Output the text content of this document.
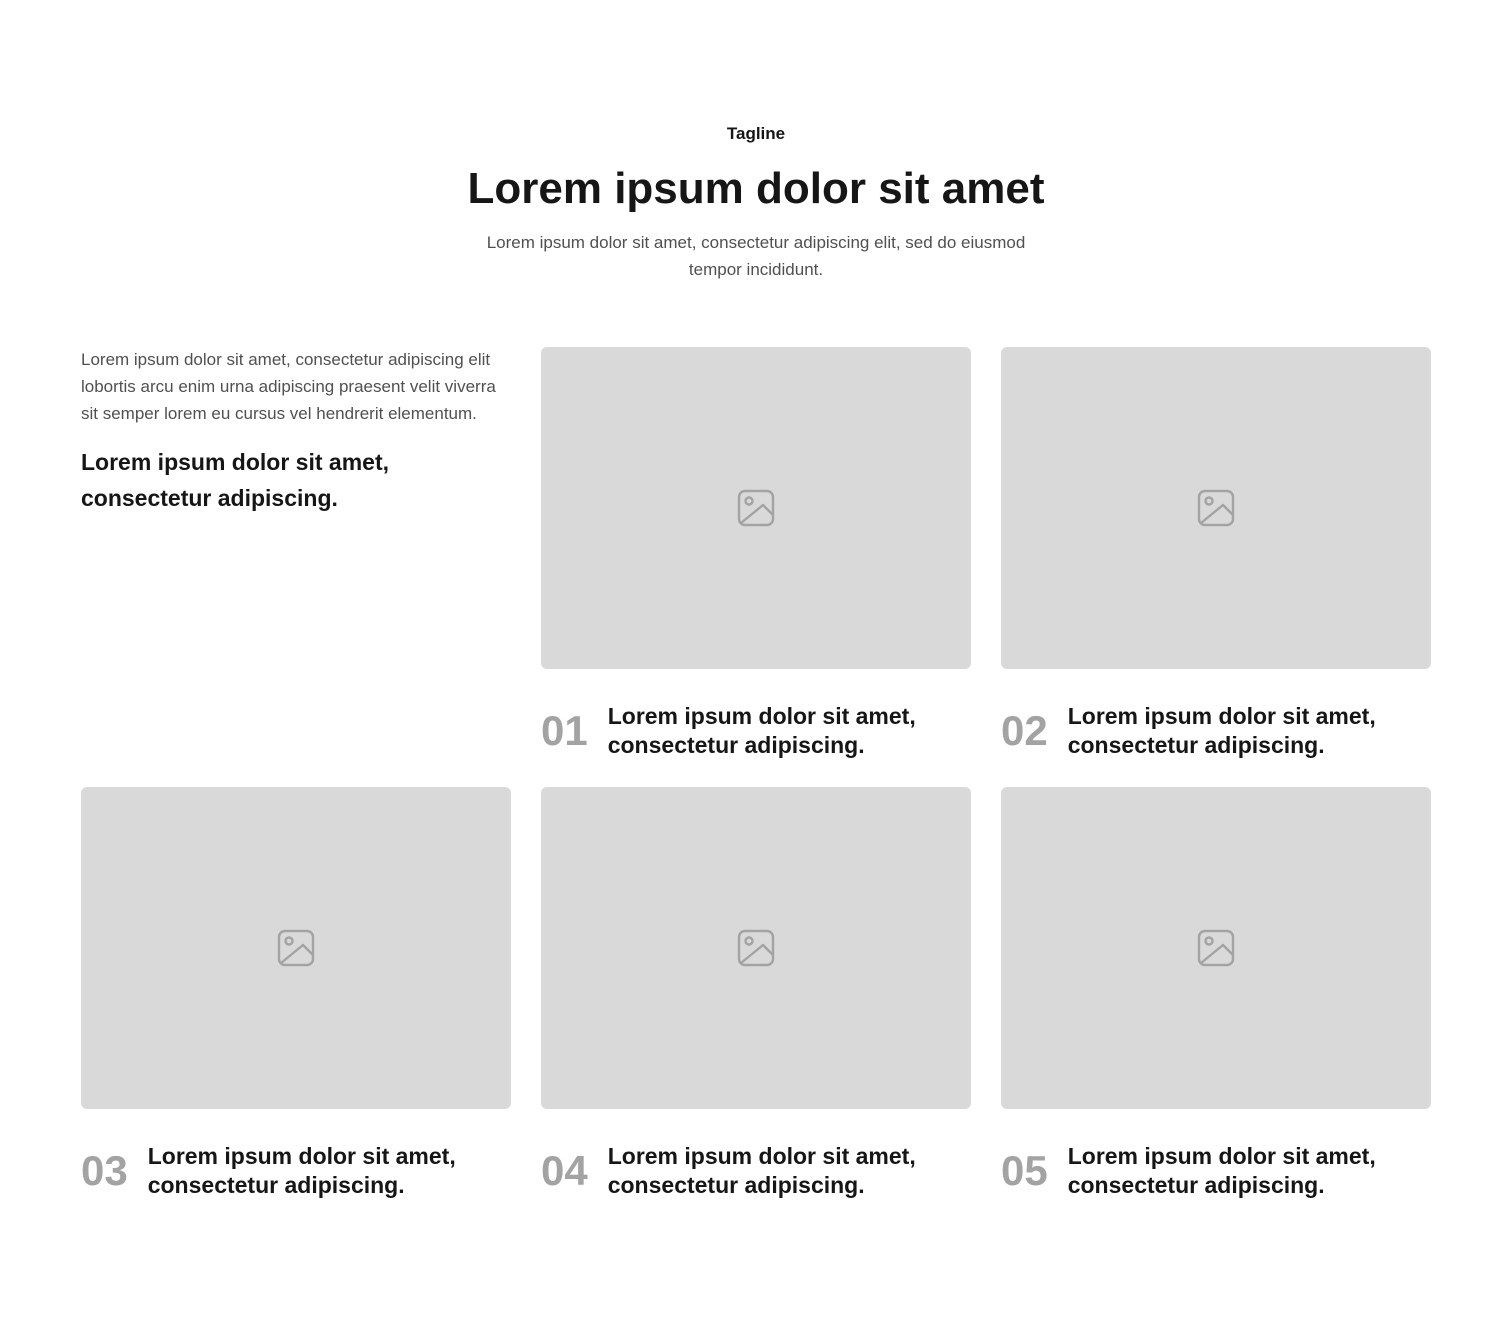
Tagline
Lorem ipsum dolor sit amet

Lorem ipsum dolor sit amet, consectetur adipiscing elit, sed do eiusmod tempor incididunt.

Lorem ipsum dolor sit amet, consectetur adipiscing elit lobortis arcu enim urna adipiscing praesent velit viverra sit semper lorem eu cursus vel hendrerit elementum.

Lorem ipsum dolor sit amet, consectetur adipiscing.

01 Lorem ipsum dolor sit amet, consectetur adipiscing.	02 Lorem ipsum dolor sit amet, consectetur adipiscing.
03 Lorem ipsum dolor sit amet, consectetur adipiscing.	04 Lorem ipsum dolor sit amet, consectetur adipiscing.	05 Lorem ipsum dolor sit amet, consectetur adipiscing.
